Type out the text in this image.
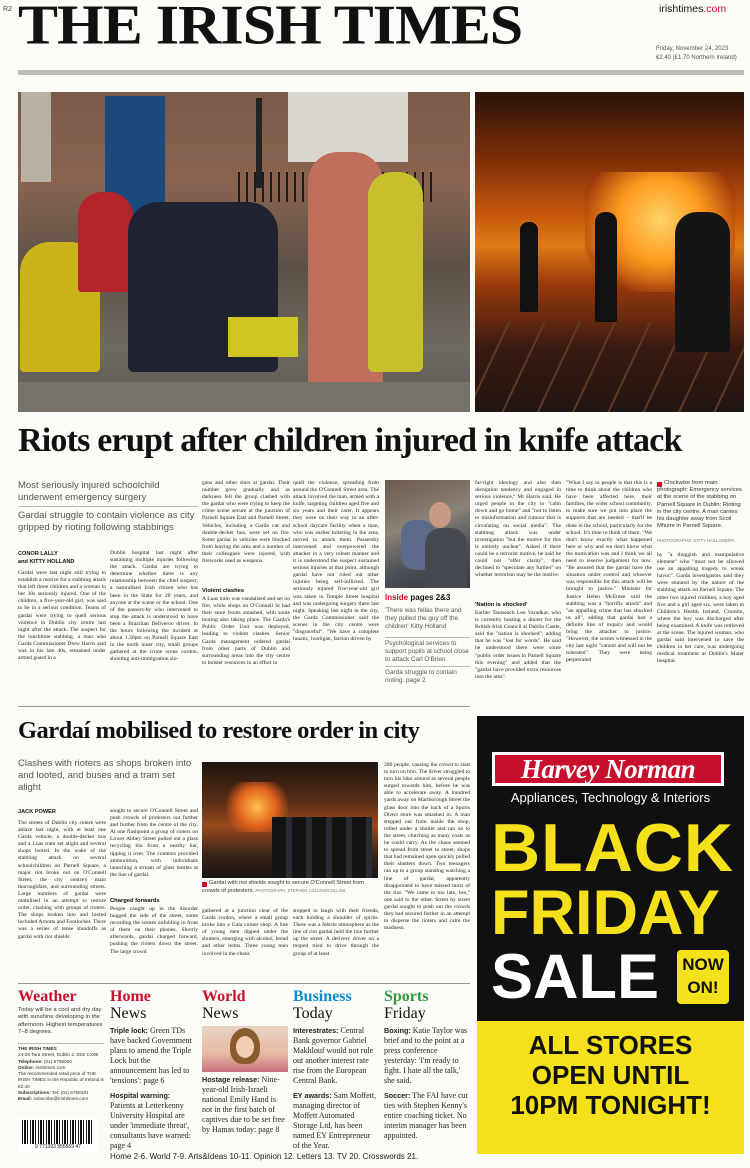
R2 THE IRISH TIMES	irishtimes.com
Friday, November 24, 2023
€2.40 (£1.70 Northern Ireland)
Riots erupt after children injured in knife attack
Most seriously injured schoolchild underwent emergency surgery
Gardaí struggle to contain violence as city gripped by rioting following stabbings
CONOR LALLY
and KITTY HOLLAND
Gardaí were last night still trying to establish a motive for a stabbing attack that left three children and a woman in her 30s seriously injured. One of the children, a five-year-old girl, was said to be in a serious condition. Teams of gardaí were trying to quell serious violence in Dublin city centre last night after the attack. The suspect for the lunchtime stabbing, a man who Garda Commissioner Drew Harris said was in his late 40s, remained under armed guard in a
Dublin hospital last night after sustaining multiple injuries following the attack. Gardaí are trying to determine whether there is any relationship between the chief suspect, a naturalised Irish citizen who has been in the State for 20 years, and anyone at the scene or the school. One of the passers-by who intervened to stop the attack is understood to have been a Brazilian Deliveroo driver. In the hours following the incident at about 1.30pm on Parnell Square East in the north inner city, small groups gathered at the crime scene cordon, shouting anti-immigration slo-
gans and other slurs at gardaí. Their number grew gradually and as darkness fell the group clashed with the gardaí who were trying to keep the crime scene secure at the junction of Parnell Square East and Parnell Street. Vehicles, including a Garda car and double-decker bus, were set on fire. Some gardaí in vehicles were blocked from leaving the area and a number of their colleagues were injured, with fireworks used as weapons.
Violent clashes
A Luas tram was vandalised and set on fire, while shops on O'Connell St had their store fronts smashed, with some looting also taking place. The Garda's Public Order Unit was deployed, leading to violent clashes. Senior Garda management ordered gardaí from other parts of Dublin and surrounding areas into the city centre to bolster resources in an effort to
quell the violence, spreading from around the O'Connell Street area. The attack involved the man, armed with a knife, targeting children aged five and six years and their carer. It appears they were on their way to an after-school daycare facility when a man, who was earlier loitering in the area, moved to attack them. Passersby intervened and overpowered the attacker in a very robust manner and it is understood the suspect sustained serious injuries at that point, although gardaí have not ruled out other injuries being self-inflicted. The seriously injured five-year-old girl was taken to Temple Street hospital and was undergoing surgery there last night. Speaking last night in the city, the Garda Commissioner said the scenes in the city centre were "disgraceful". "We have a complete lunatic, hooligan, faction driven by
Inside pages 2&3
'There was fellas there and they pulled the guy off the children' Kitty Holland
Psychological services to support pupils at school close to attack Carl O'Brien
Garda struggle to contain rioting, page 2
far-right ideology and also then disruption tendency and engaged in serious violence," Mr Harris said. He urged people in the city to "calm down and go home" and "not to listen to misinformation and rumour that is circulating on social media". The stabbing attack was under investigation "but the motive for this is entirely unclear". Asked if there could be a terrorist motive, he said he could not "offer clarity", then declined to "speculate any further" on whether terrorism may be the motive.
'Nation is shocked'
Earlier Taoiseach Leo Varadkar, who is currently hosting a dinner for the British-Irish Council at Dublin Castle, said the "nation is shocked", adding that he was "lost for words". He said he understood there were some "public order issues in Parnell Square this evening" and added that the "gardaí have provided extra resources into the area".
"What I say to people is that this is a time to think about the children who have been affected here, their families, the wider school community, to make sure we put into place the supports that are needed – that'll be done in the school, particularly for the school. It's time to think of them. "We don't know exactly what happened here or why and we don't know what the motivation was and I think we all need to reserve judgement for now. "Be assured that the gardaí have the situation under control and whoever was responsible for this attack will be brought to justice." Minister for Justice Helen McEntee said the stabbing was a "horrific attack" and "an appalling crime that has shocked us all", adding that gardaí had a definite line of inquiry and would bring the attacker to justice. "However, the scenes witnessed in the city last night "cannot and will not be tolerated". They were being perpetrated
Clockwise from main photograph: Emergency services at the scene of the stabbing on Parnell Square in Dublin; Rioting in the city centre. A man carries his daughter away from Scoil Mhuire in Parnell Square.
PHOTOGRAPHS: KITTY HOLLAND/PA
by "a thuggish and manipulative element" who "must not be allowed use an appalling tragedy to wreak havoc". Garda investigators said they were stunned by the nature of the stabbing attack on Parnell Square. The other two injured children, a boy aged five and a girl aged six, were taken to Children's Health Ireland, Crumlin, where the boy was discharged after being examined. A knife was retrieved at the scene. The injured woman, who gardaí said intervened to save the children in her care, was undergoing medical treatment at Dublin's Mater hospital.
Gardaí mobilised to restore order in city
Clashes with rioters as shops broken into and looted, and buses and a tram set alight
JACK POWER
The streets of Dublin city centre were ablaze last night, with at least one Garda vehicle, a double-decker bus and a Luas tram set alight and several shops looted. In the wake of the stabbing attack on several schoolchildren on Parnell Square, a major riot broke out on O'Connell Street, the city centre's main thoroughfare, and surrounding streets. Large numbers of gardaí were mobilised in an attempt to restore order, clashing with groups of rioters. The shops broken into and looted included Arnotts and Footlocker. There was a series of tense standoffs as gardaí with riot shields
sought to secure O'Connell Street and push crowds of protesters out further and further from the centre of the city. At one flashpoint a group of rioters on Lower Abbey Street pulled out a glass recycling bin from a nearby bar, tipping it over. The contents provided ammunition, with individuals launching a stream of glass bottles at the line of gardaí.
Charged forwards
People caught up in the disorder hugged the side of the street, some recording the scenes unfolding in front of them on their phones. Shortly afterwards, gardaí charged forward, pushing the rioters down the street. The large crowd
Gardaí with riot shields sought to secure O'Connell Street from crowds of protesters. PHOTOGRAPH: STEPHEN COLLINS/COLLINS
gathered at a junction clear of the Garda cordon, where a small group broke into a Gala corner shop. A line of young men dipped under the shutters, emerging with alcohol, bread and other items. Three young men involved in the chaos
stopped to laugh with their friends, each holding a shoulder of spirits. There was a febrile atmosphere as the line of riot gardaí held the line further up the street. A delivery driver on a moped tried to drive through the group of at least
200 people, causing the crowd to start to turn on him. The driver struggled to turn his bike around as several people surged towards him, before he was able to accelerate away. A hundred yards away on Marlborough Street the glass door into the back of a Sports Direct store was smashed in. A man stepped out from inside the shop, rolled under a shutter and ran on to the street, clutching as many coats as he could carry. As the chaos seemed to spread from street to street, shops that had remained open quickly pulled their shutters down. Two teenagers ran up to a group standing watching a line of gardaí, apparently disappointed to have missed most of the riot. "We came in too late, bro," one said to the other. Street by street gardaí sought to push out the crowds they had secured further in an attempt to disperse the rioters and calm the madness.
Harvey Norman
Appliances, Technology & Interiors
BLACK
FRIDAY
SALE	NOW
ON!
ALL STORES
OPEN UNTIL
10PM TONIGHT!
Weather
Today will be a cool and dry day with sunshine developing in the afternoon. Highest temperatures 7–8 degrees.
THE IRISH TIMES
24-28 Tara Street, Dublin 2, D02 CX89
Telephone: (01) 6758000
Online: irishtimes.com
The recommended retail price of THE IRISH TIMES in the Republic of Ireland is €2.40
Subscriptions: Tel: (01) 6758181
Email: subscribe@irishtimes.com
9 771393 955569 47
Home
News
Triple lock: Green TDs have backed Government plans to amend the Triple Lock but the announcement has led to 'tensions': page 6
Hospital warning: Patients at Letterkenny University Hospital are under 'immediate threat', consultants have warned: page 4
World
News
Hostage release: Nine-year-old Irish-Israeli national Emily Hand is not in the first batch of captives due to be set free by Hamas today: page 8
Business
Today
Interestrates: Central Bank governor Gabriel Makhlouf would not rule out another interest rate rise from the European Central Bank.
EY awards: Sam Moffett, managing director of Moffett Automated Storage Ltd, has been named EY Entrepreneur of the Year.
Sports
Friday
Boxing: Katie Taylor was brief and to the point at a press conference yesterday: 'I'm ready to fight. I hate all the talk,' she said.
Soccer: The FAI have cut ties with Stephen Kenny's entire coaching ticket. No interim manager has been appointed.
Home 2-6. World 7-9. Arts&Ideas 10-11. Opinion 12. Letters 13. TV 20. Crosswords 21.
